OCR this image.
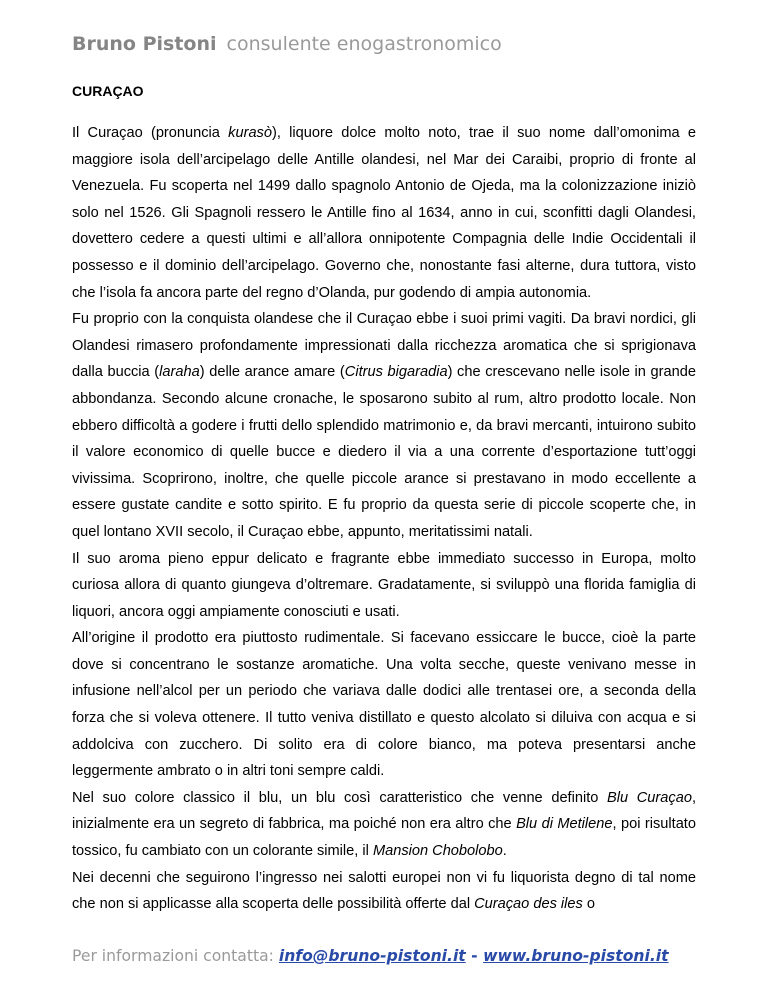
Bruno Pistoni consulente enogastronomico
CURAÇAO

Il Curaçao (pronuncia kurasò), liquore dolce molto noto, trae il suo nome dall’omonima e maggiore isola dell’arcipelago delle Antille olandesi, nel Mar dei Caraibi, proprio di fronte al Venezuela. Fu scoperta nel 1499 dallo spagnolo Antonio de Ojeda, ma la colonizzazione iniziò solo nel 1526. Gli Spagnoli ressero le Antille fino al 1634, anno in cui, sconfitti dagli Olandesi, dovettero cedere a questi ultimi e all’allora onnipotente Compagnia delle Indie Occidentali il possesso e il dominio dell’arcipelago. Governo che, nonostante fasi alterne, dura tuttora, visto che l’isola fa ancora parte del regno d’Olanda, pur godendo di ampia autonomia.

Fu proprio con la conquista olandese che il Curaçao ebbe i suoi primi vagiti. Da bravi nordici, gli Olandesi rimasero profondamente impressionati dalla ricchezza aromatica che si sprigionava dalla buccia (laraha) delle arance amare (Citrus bigaradia) che crescevano nelle isole in grande abbondanza. Secondo alcune cronache, le sposarono subito al rum, altro prodotto locale. Non ebbero difficoltà a godere i frutti dello splendido matrimonio e, da bravi mercanti, intuirono subito il valore economico di quelle bucce e diedero il via a una corrente d’esportazione tutt’oggi vivissima. Scoprirono, inoltre, che quelle piccole arance si prestavano in modo eccellente a essere gustate candite e sotto spirito. E fu proprio da questa serie di piccole scoperte che, in quel lontano XVII secolo, il Curaçao ebbe, appunto, meritatissimi natali.

Il suo aroma pieno eppur delicato e fragrante ebbe immediato successo in Europa, molto curiosa allora di quanto giungeva d’oltremare. Gradatamente, si sviluppò una florida famiglia di liquori, ancora oggi ampiamente conosciuti e usati.

All’origine il prodotto era piuttosto rudimentale. Si facevano essiccare le bucce, cioè la parte dove si concentrano le sostanze aromatiche. Una volta secche, queste venivano messe in infusione nell’alcol per un periodo che variava dalle dodici alle trentasei ore, a seconda della forza che si voleva ottenere. Il tutto veniva distillato e questo alcolato si diluiva con acqua e si addolciva con zucchero. Di solito era di colore bianco, ma poteva presentarsi anche leggermente ambrato o in altri toni sempre caldi.

Nel suo colore classico il blu, un blu così caratteristico che venne definito Blu Curaçao, inizialmente era un segreto di fabbrica, ma poiché non era altro che Blu di Metilene, poi risultato tossico, fu cambiato con un colorante simile, il Mansion Chobolobo.

Nei decenni che seguirono l’ingresso nei salotti europei non vi fu liquorista degno di tal nome che non si applicasse alla scoperta delle possibilità offerte dal Curaçao des iles o

Per informazioni contatta: info@bruno-pistoni.it - www.bruno-pistoni.it
